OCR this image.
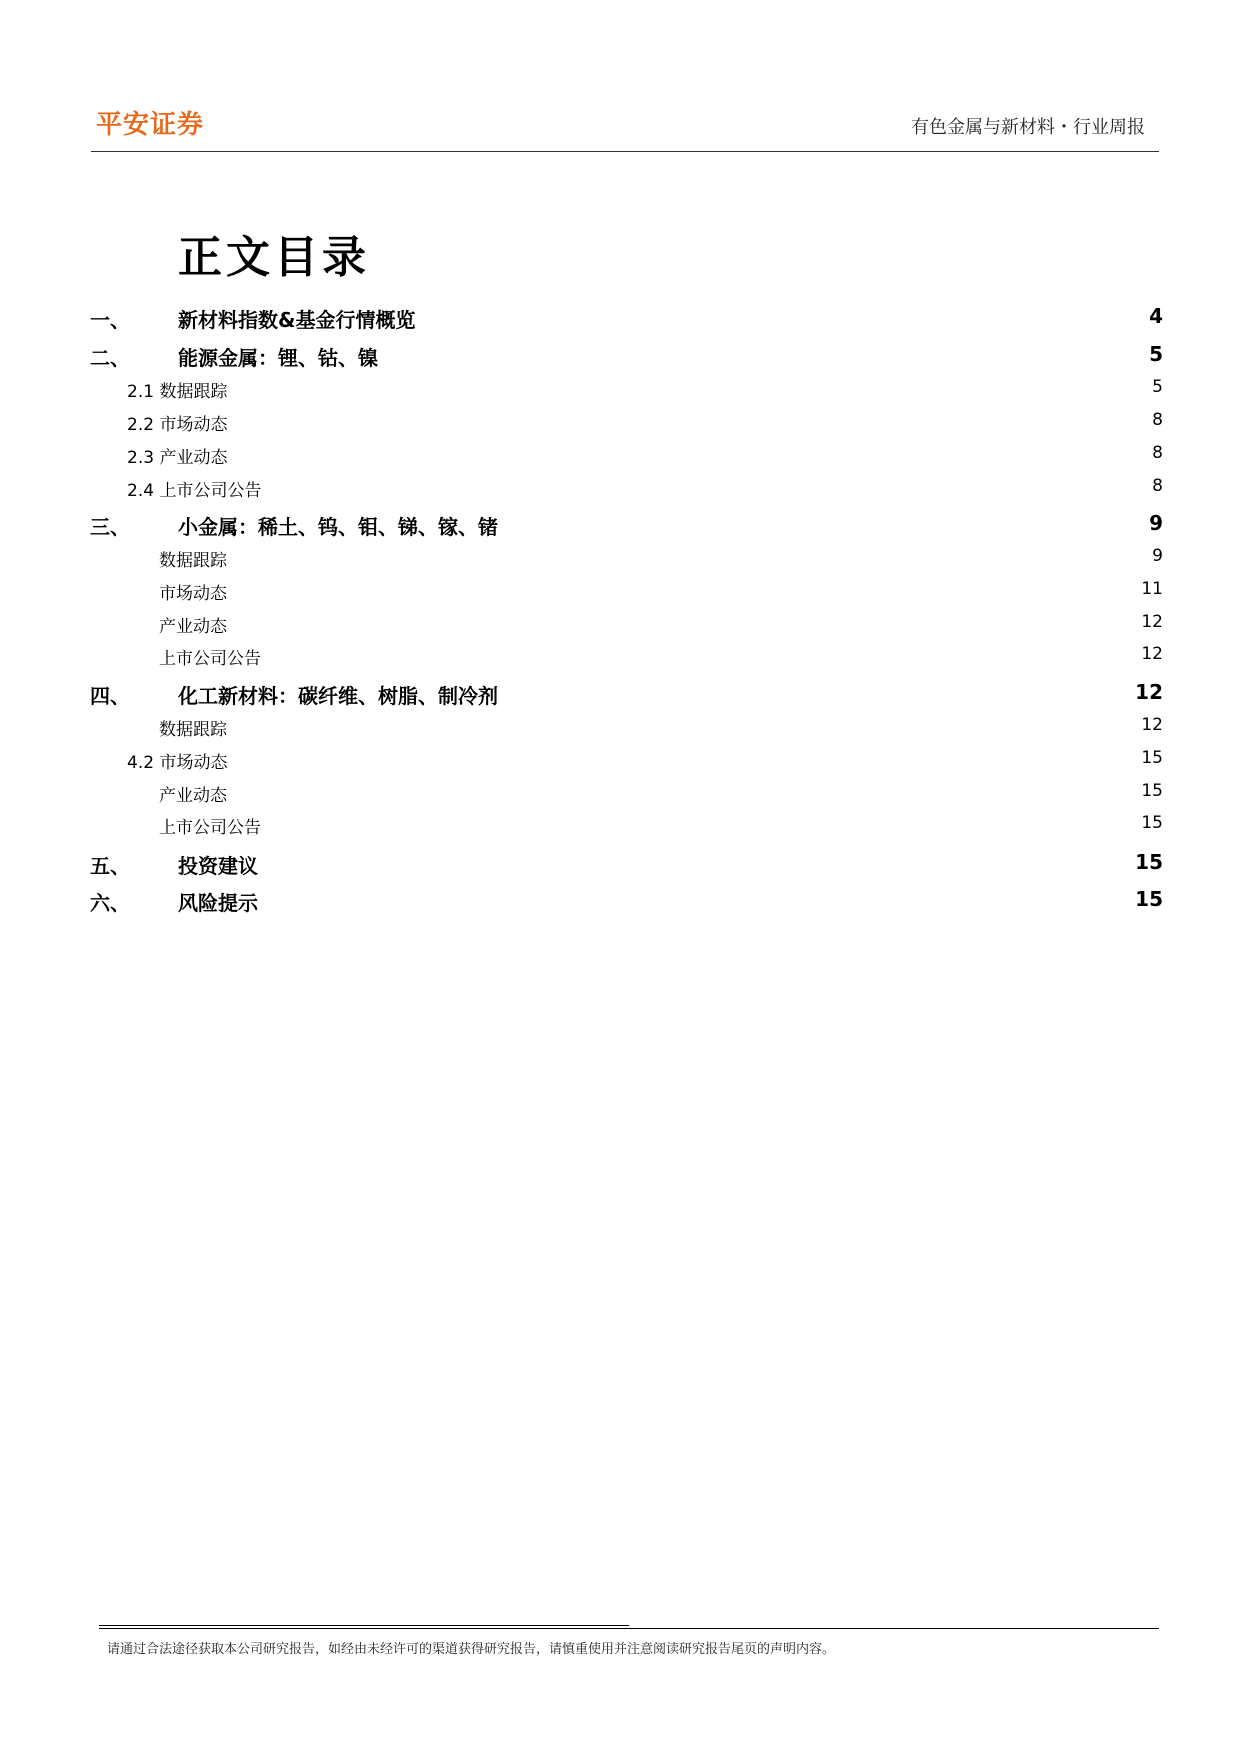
平安证券	有色金属与新材料・行业周报
正文目录
一、 新材料指数&基金行情概览	4
二、 能源金属：锂、钴、镍	5
2.1 数据跟踪	5
2.2 市场动态	8
2.3 产业动态	8
2.4 上市公司公告	8
三、 小金属：稀土、钨、钼、锑、镓、锗	9
数据跟踪	9
市场动态	11
产业动态	12
上市公司公告	12
四、 化工新材料：碳纤维、树脂、制冷剂	12
数据跟踪	12
4.2 市场动态	15
产业动态	15
上市公司公告	15
五、 投资建议	15
六、 风险提示	15
请通过合法途径获取本公司研究报告，如经由未经许可的渠道获得研究报告，请慎重使用并注意阅读研究报告尾页的声明内容。
